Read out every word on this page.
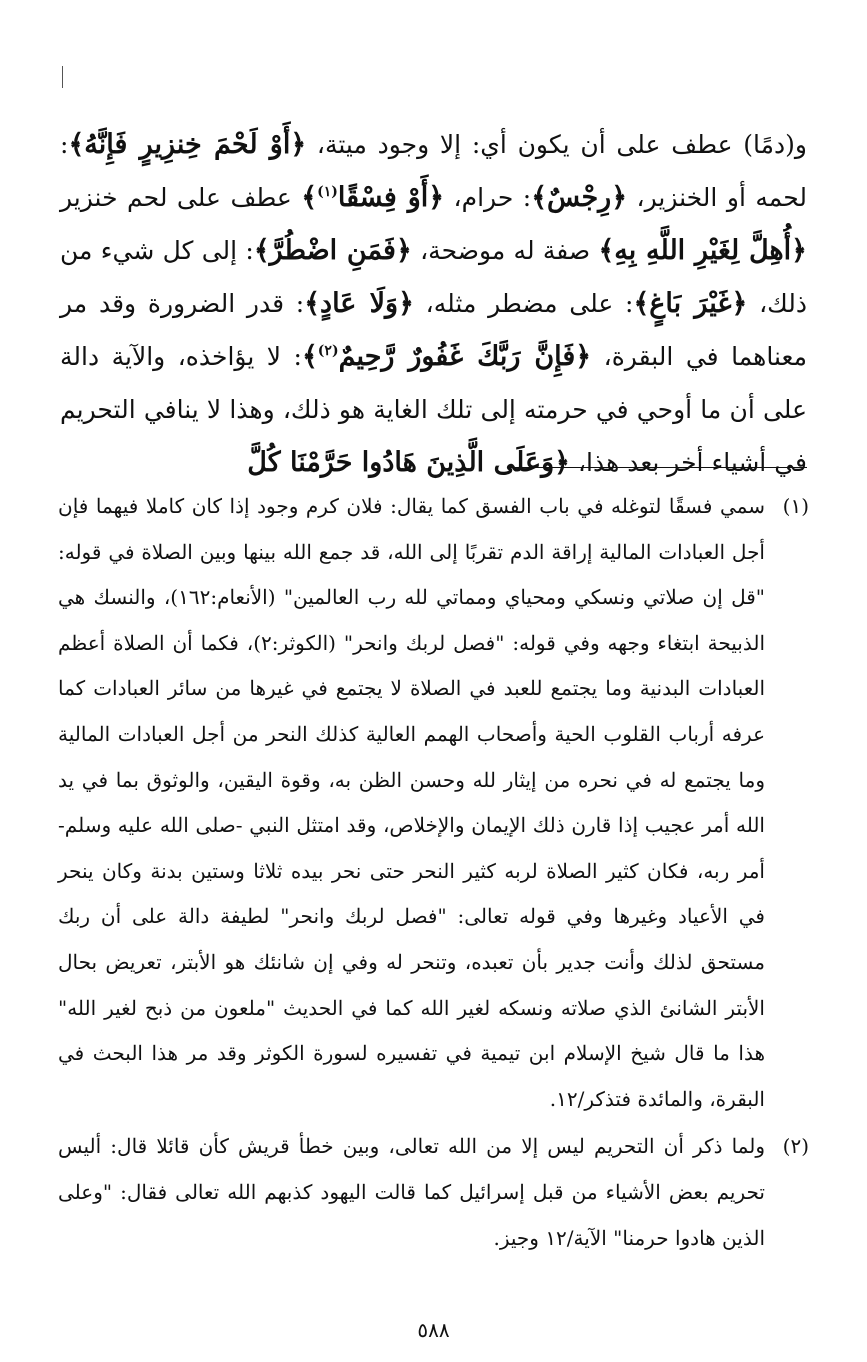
و(دمًا) عطف على أن يكون أي: إلا وجود ميتة، ﴿أَوْ لَحْمَ خِنزِيرٍ فَإِنَّهُ﴾: لحمه أو الخنزير، ﴿رِجْسٌ﴾: حرام، ﴿أَوْ فِسْقًا$^{(١)}$﴾ عطف على لحم خنزير ﴿أُهِلَّ لِغَيْرِ اللَّهِ بِهِ﴾ صفة له موضحة، ﴿فَمَنِ اضْطُرَّ﴾: إلى كل شيء من ذلك، ﴿غَيْرَ بَاغٍ﴾: على مضطر مثله، ﴿وَلَا عَادٍ﴾: قدر الضرورة وقد مر معناهما في البقرة، ﴿فَإِنَّ رَبَّكَ غَفُورٌ رَّحِيمٌ$^{(٢)}$﴾: لا يؤاخذه، والآية دالة على أن ما أوحي في حرمته إلى تلك الغاية هو ذلك، وهذا لا ينافي التحريم في أشياء أخر بعد هذا، ﴿وَعَلَى الَّذِينَ هَادُوا حَرَّمْنَا كُلَّ
(١)
سمي فسقًا لتوغله في باب الفسق كما يقال: فلان كرم وجود إذا كان كاملا فيهما فإن أجل العبادات المالية إراقة الدم تقربًا إلى الله، قد جمع الله بينها وبين الصلاة في قوله: "قل إن صلاتي ونسكي ومحياي ومماتي لله رب العالمين" (الأنعام:١٦٢)، والنسك هي الذبيحة ابتغاء وجهه وفي قوله: "فصل لربك وانحر" (الكوثر:٢)، فكما أن الصلاة أعظم العبادات البدنية وما يجتمع للعبد في الصلاة لا يجتمع في غيرها من سائر العبادات كما عرفه أرباب القلوب الحية وأصحاب الهمم العالية كذلك النحر من أجل العبادات المالية وما يجتمع له في نحره من إيثار لله وحسن الظن به، وقوة اليقين، والوثوق بما في يد الله أمر عجيب إذا قارن ذلك الإيمان والإخلاص، وقد امتثل النبي -صلى الله عليه وسلم- أمر ربه، فكان كثير الصلاة لربه كثير النحر حتى نحر بيده ثلاثا وستين بدنة وكان ينحر في الأعياد وغيرها وفي قوله تعالى: "فصل لربك وانحر" لطيفة دالة على أن ربك مستحق لذلك وأنت جدير بأن تعبده، وتنحر له وفي إن شانئك هو الأبتر، تعريض بحال الأبتر الشانئ الذي صلاته ونسكه لغير الله كما في الحديث "ملعون من ذبح لغير الله" هذا ما قال شيخ الإسلام ابن تيمية في تفسيره لسورة الكوثر وقد مر هذا البحث في البقرة، والمائدة فتذكر/١٢.
(٢)
ولما ذكر أن التحريم ليس إلا من الله تعالى، وبين خطأ قريش كأن قائلا قال: أليس تحريم بعض الأشياء من قبل إسرائيل كما قالت اليهود كذبهم الله تعالى فقال: "وعلى الذين هادوا حرمنا" الآية/١٢ وجيز.
٥٨٨
